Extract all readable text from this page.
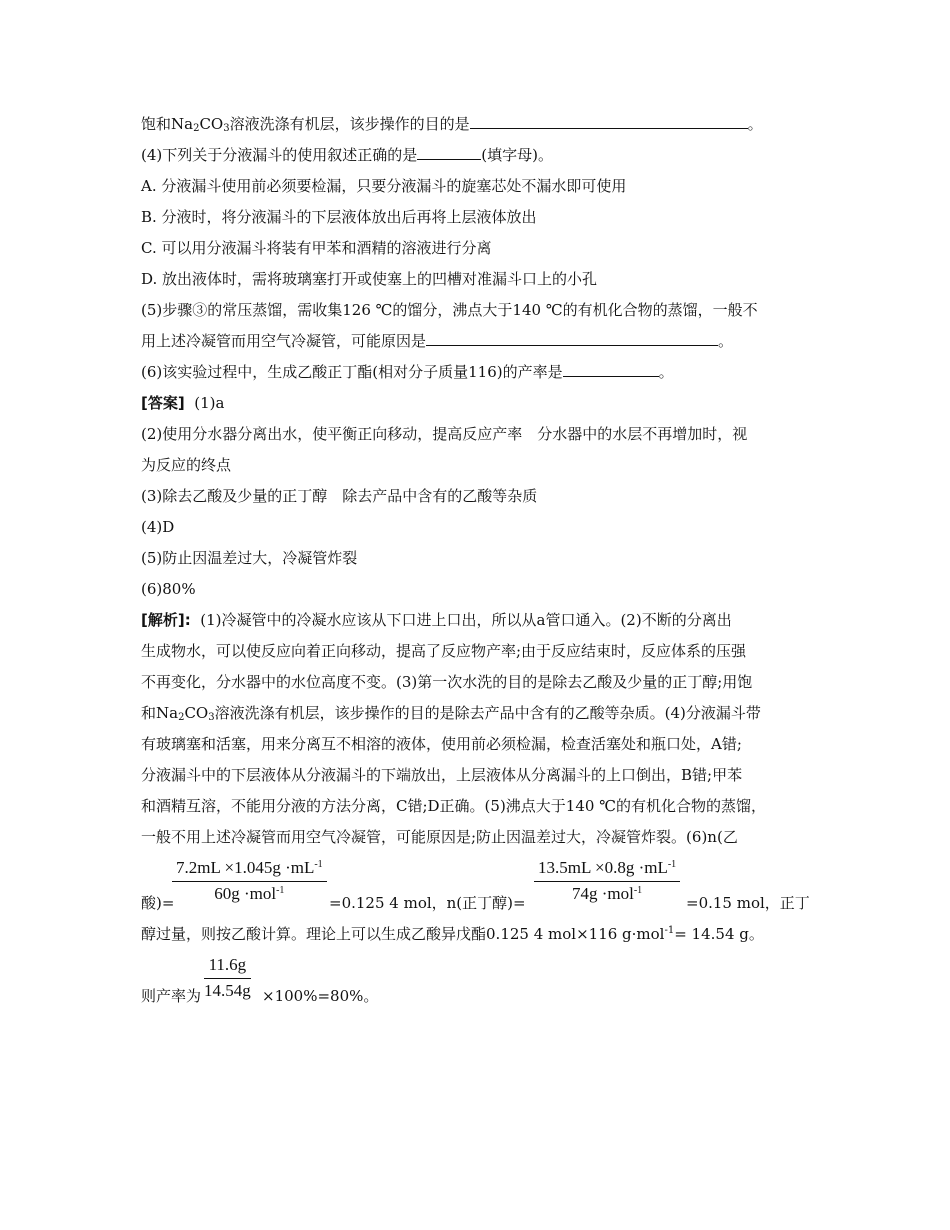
饱和$Na_2CO_3$溶液洗涤有机层，该步操作的目的是	。
(4)下列关于分液漏斗的使用叙述正确的是	(填字母)。
A. 分液漏斗使用前必须要检漏，只要分液漏斗的旋塞芯处不漏水即可使用
B. 分液时，将分液漏斗的下层液体放出后再将上层液体放出
C. 可以用分液漏斗将装有甲苯和酒精的溶液进行分离
D. 放出液体时，需将玻璃塞打开或使塞上的凹槽对准漏斗口上的小孔
(5)步骤③的常压蒸馏，需收集126 ℃的馏分，沸点大于140 ℃的有机化合物的蒸馏，一般不
用上述冷凝管而用空气冷凝管，可能原因是	。
(6)该实验过程中，生成乙酸正丁酯(相对分子质量116)的产率是	。
[答案] (1)a
(2)使用分水器分离出水，使平衡正向移动，提高反应产率　分水器中的水层不再增加时，视
为反应的终点
(3)除去乙酸及少量的正丁醇　除去产品中含有的乙酸等杂质
(4)D
(5)防止因温差过大，冷凝管炸裂
(6)80%
[解析]: (1)冷凝管中的冷凝水应该从下口进上口出，所以从a管口通入。(2)不断的分离出
生成物水，可以使反应向着正向移动，提高了反应物产率;由于反应结束时，反应体系的压强
不再变化，分水器中的水位高度不变。(3)第一次水洗的目的是除去乙酸及少量的正丁醇;用饱
和$Na_2CO_3$溶液洗涤有机层，该步操作的目的是除去产品中含有的乙酸等杂质。(4)分液漏斗带
有玻璃塞和活塞，用来分离互不相溶的液体，使用前必须检漏，检查活塞处和瓶口处，A错;
分液漏斗中的下层液体从分液漏斗的下端放出，上层液体从分离漏斗的上口倒出，B错;甲苯
和酒精互溶，不能用分液的方法分离，C错;D正确。(5)沸点大于140 ℃的有机化合物的蒸馏，
一般不用上述冷凝管而用空气冷凝管，可能原因是;防止因温差过大，冷凝管炸裂。(6)n(乙
$7.2mL \times 1.045g \cdot mL^{-1}$
60g ·mol$^{-1}$
酸)=	=0.125 4 mol，n(正丁醇)=
$13.5mL \times 0.8g \cdot mL^{-1}$
74g ·mol$^{-1}$
=0.15 mol，正丁
醇过量，则按乙酸计算。理论上可以生成乙酸异戊酯0.125 4 mol×116 g·mol$^{-1}$= 14.54 g。
$\frac{11.6g}{14.54g}$
则产率为	×100%=80%。
